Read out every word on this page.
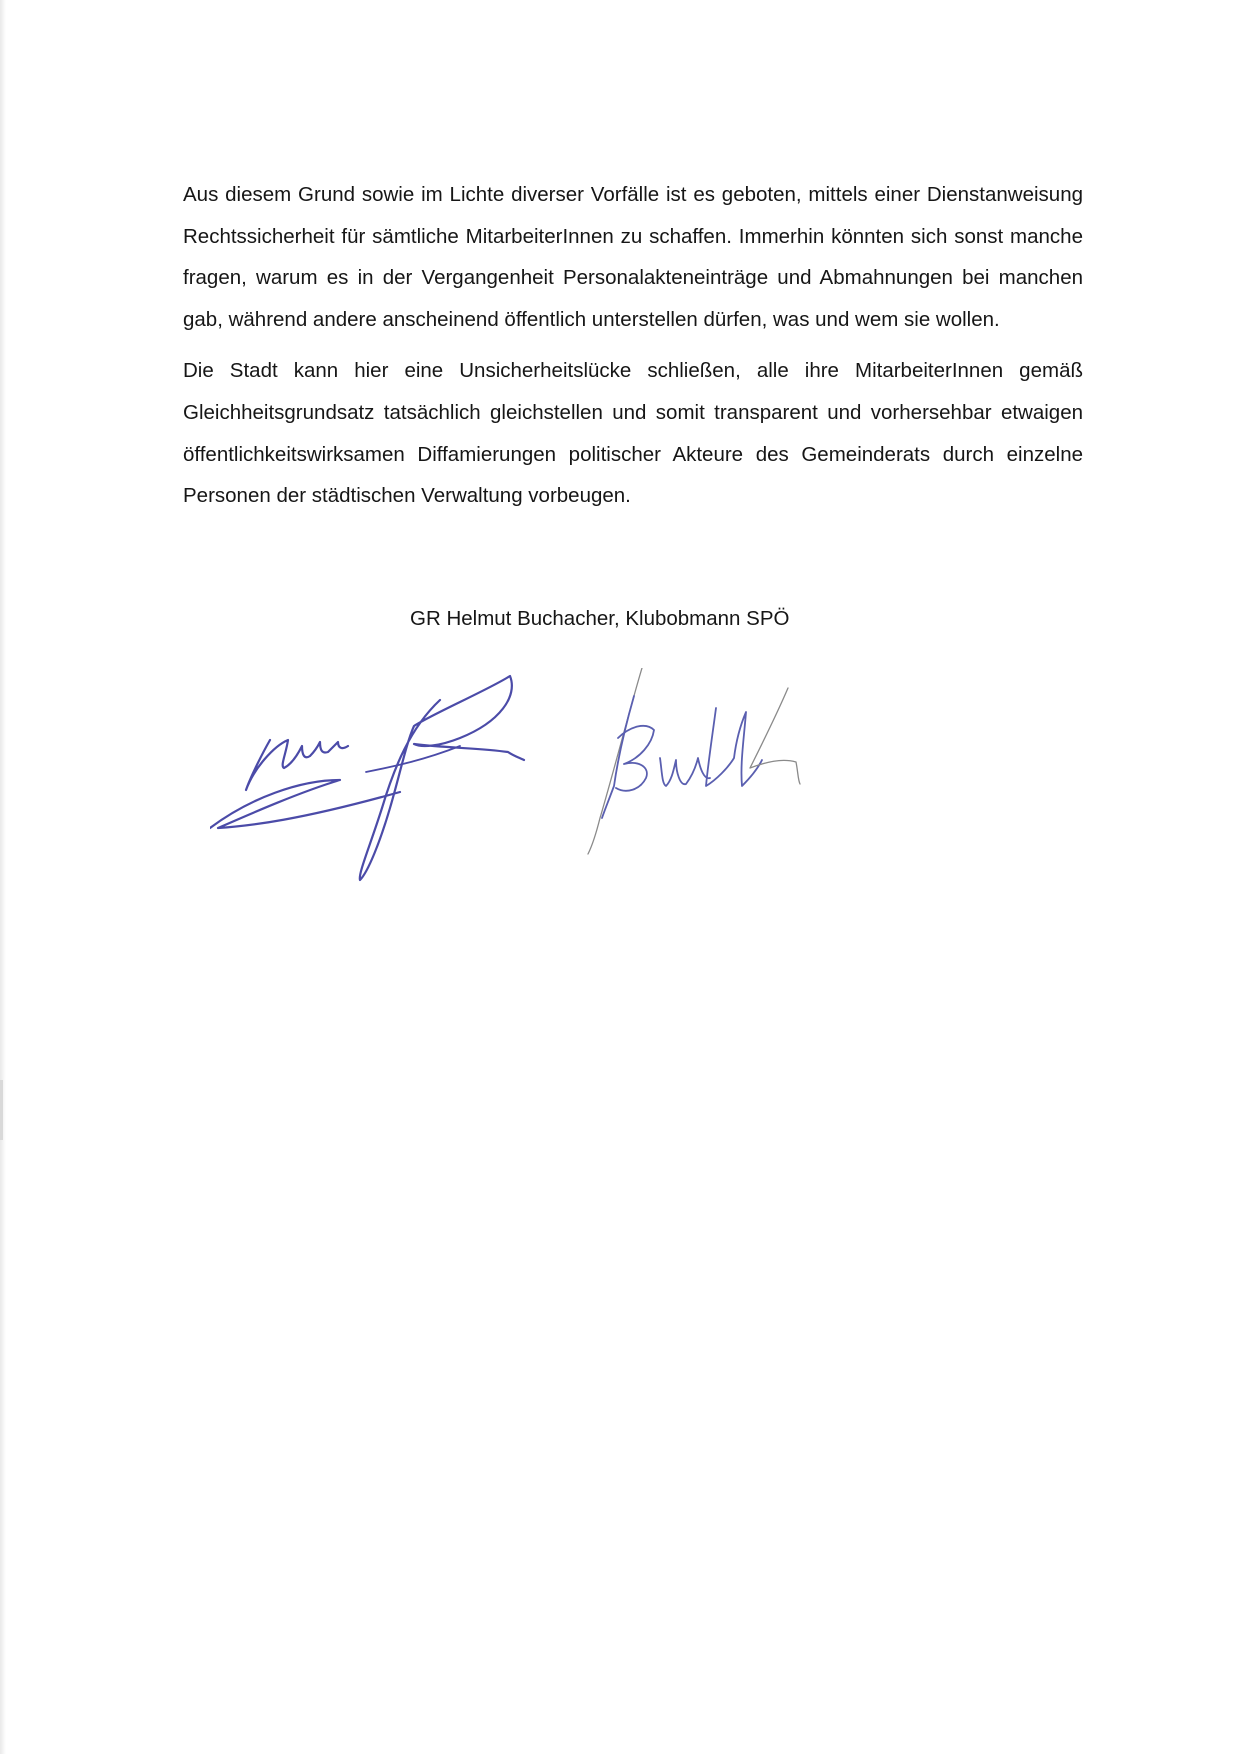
Aus diesem Grund sowie im Lichte diverser Vorfälle ist es geboten, mittels einer Dienstanweisung Rechtssicherheit für sämtliche MitarbeiterInnen zu schaffen. Immerhin könnten sich sonst manche fragen, warum es in der Vergangenheit Personalakteneinträge und Abmahnungen bei manchen gab, während andere anscheinend öffentlich unterstellen dürfen, was und wem sie wollen.

Die Stadt kann hier eine Unsicherheitslücke schließen, alle ihre MitarbeiterInnen gemäß Gleichheitsgrundsatz tatsächlich gleichstellen und somit transparent und vorhersehbar etwaigen öffentlichkeitswirksamen Diffamierungen politischer Akteure des Gemeinderats durch einzelne Personen der städtischen Verwaltung vorbeugen.

GR Helmut Buchacher, Klubobmann SPÖ
